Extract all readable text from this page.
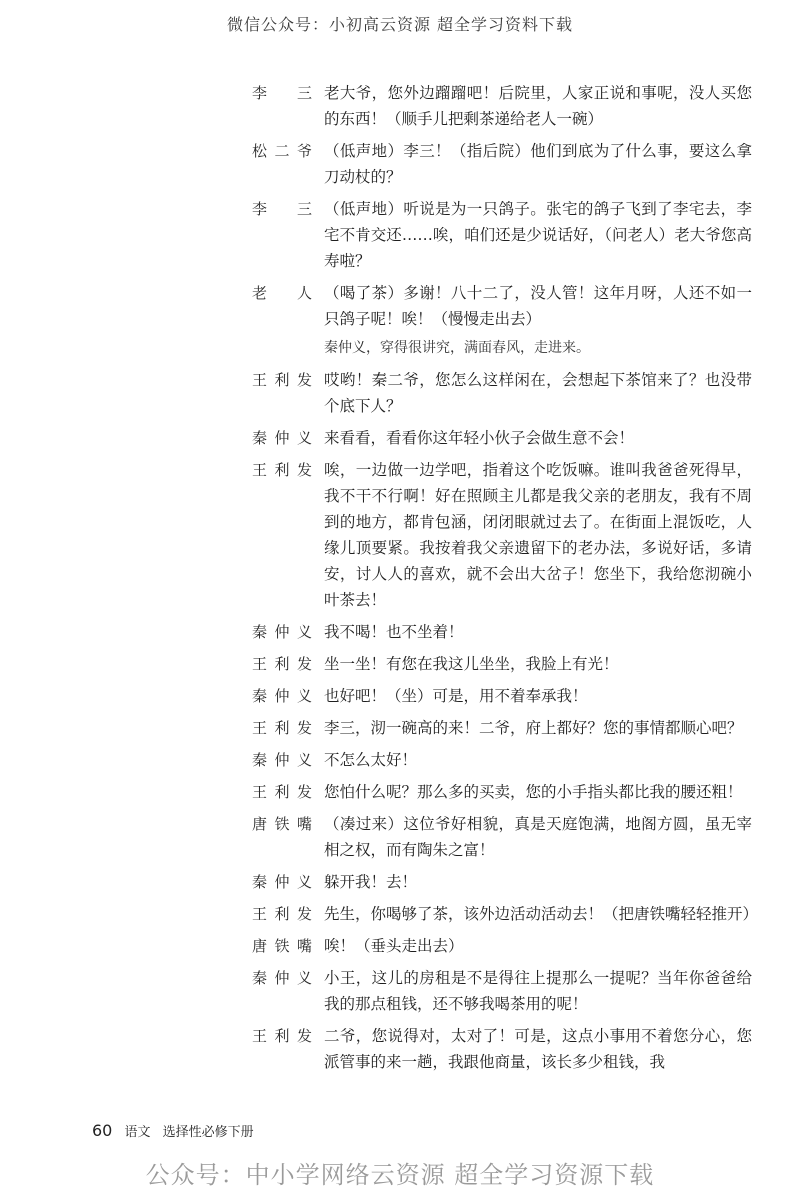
微信公众号：小初高云资源 超全学习资料下载
李　三 老大爷，您外边蹓蹓吧！后院里，人家正说和事呢，没人买您的东西！（顺手儿把剩茶递给老人一碗）
松二爷 （低声地）李三！（指后院）他们到底为了什么事，要这么拿刀动杖的？
李　三 （低声地）听说是为一只鸽子。张宅的鸽子飞到了李宅去，李宅不肯交还……唉，咱们还是少说话好，（问老人）老大爷您高寿啦？
老　人 （喝了茶）多谢！八十二了，没人管！这年月呀，人还不如一只鸽子呢！唉！（慢慢走出去）
秦仲义，穿得很讲究，满面春风，走进来。
王利发 哎哟！秦二爷，您怎么这样闲在，会想起下茶馆来了？也没带个底下人？
秦仲义 来看看，看看你这年轻小伙子会做生意不会！
王利发 唉，一边做一边学吧，指着这个吃饭嘛。谁叫我爸爸死得早，我不干不行啊！好在照顾主儿都是我父亲的老朋友，我有不周到的地方，都肯包涵，闭闭眼就过去了。在街面上混饭吃，人缘儿顶要紧。我按着我父亲遗留下的老办法，多说好话，多请安，讨人人的喜欢，就不会出大岔子！您坐下，我给您沏碗小叶茶去！
秦仲义 我不喝！也不坐着！
王利发 坐一坐！有您在我这儿坐坐，我脸上有光！
秦仲义 也好吧！（坐）可是，用不着奉承我！
王利发 李三，沏一碗高的来！二爷，府上都好？您的事情都顺心吧？
秦仲义 不怎么太好！
王利发 您怕什么呢？那么多的买卖，您的小手指头都比我的腰还粗！
唐铁嘴 （凑过来）这位爷好相貌，真是天庭饱满，地阁方圆，虽无宰相之权，而有陶朱之富！
秦仲义 躲开我！去！
王利发 先生，你喝够了茶，该外边活动活动去！（把唐铁嘴轻轻推开）
唐铁嘴 唉！（垂头走出去）
秦仲义 小王，这儿的房租是不是得往上提那么一提呢？当年你爸爸给我的那点租钱，还不够我喝茶用的呢！
王利发 二爷，您说得对，太对了！可是，这点小事用不着您分心，您派管事的来一趟，我跟他商量，该长多少租钱，我
60 语文 选择性必修下册
公众号：中小学网络云资源 超全学习资源下载
